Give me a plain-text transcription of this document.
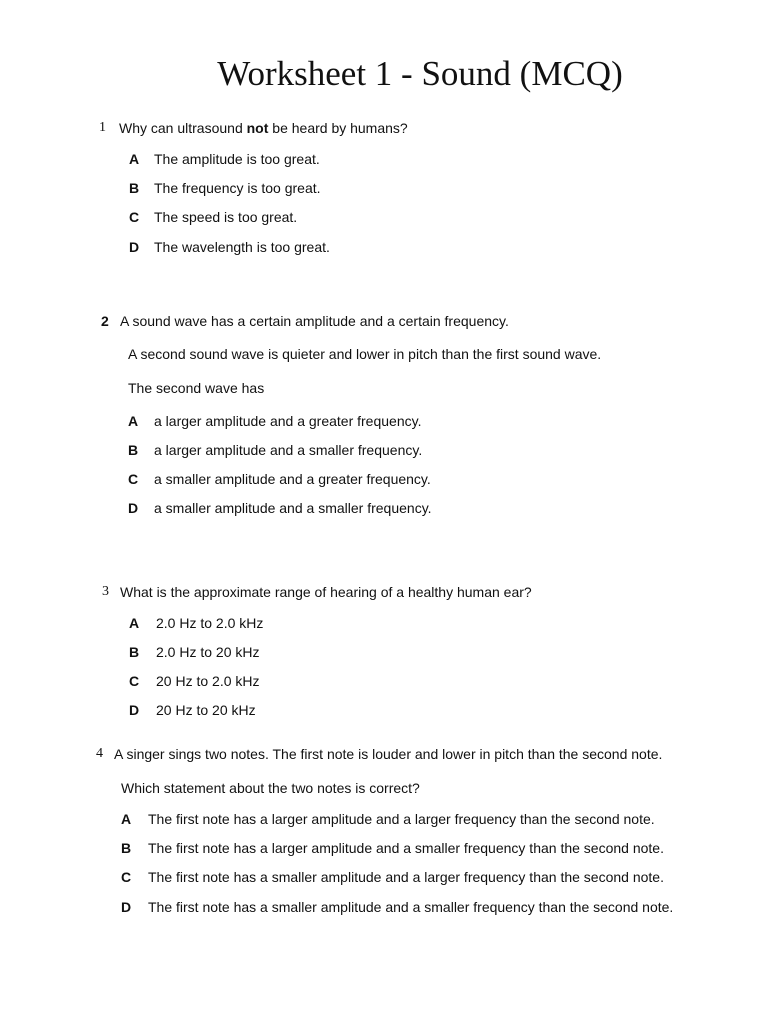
Worksheet 1 - Sound (MCQ)
1 Why can ultrasound not be heard by humans?
A The amplitude is too great.
B The frequency is too great.
C The speed is too great.
D The wavelength is too great.
2 A sound wave has a certain amplitude and a certain frequency.
A second sound wave is quieter and lower in pitch than the first sound wave.
The second wave has
A a larger amplitude and a greater frequency.
B a larger amplitude and a smaller frequency.
C a smaller amplitude and a greater frequency.
D a smaller amplitude and a smaller frequency.
3 What is the approximate range of hearing of a healthy human ear?
A 2.0 Hz to 2.0 kHz
B 2.0 Hz to 20 kHz
C 20 Hz to 2.0 kHz
D 20 Hz to 20 kHz
4 A singer sings two notes. The first note is louder and lower in pitch than the second note.
Which statement about the two notes is correct?
A The first note has a larger amplitude and a larger frequency than the second note.
B The first note has a larger amplitude and a smaller frequency than the second note.
C The first note has a smaller amplitude and a larger frequency than the second note.
D The first note has a smaller amplitude and a smaller frequency than the second note.
